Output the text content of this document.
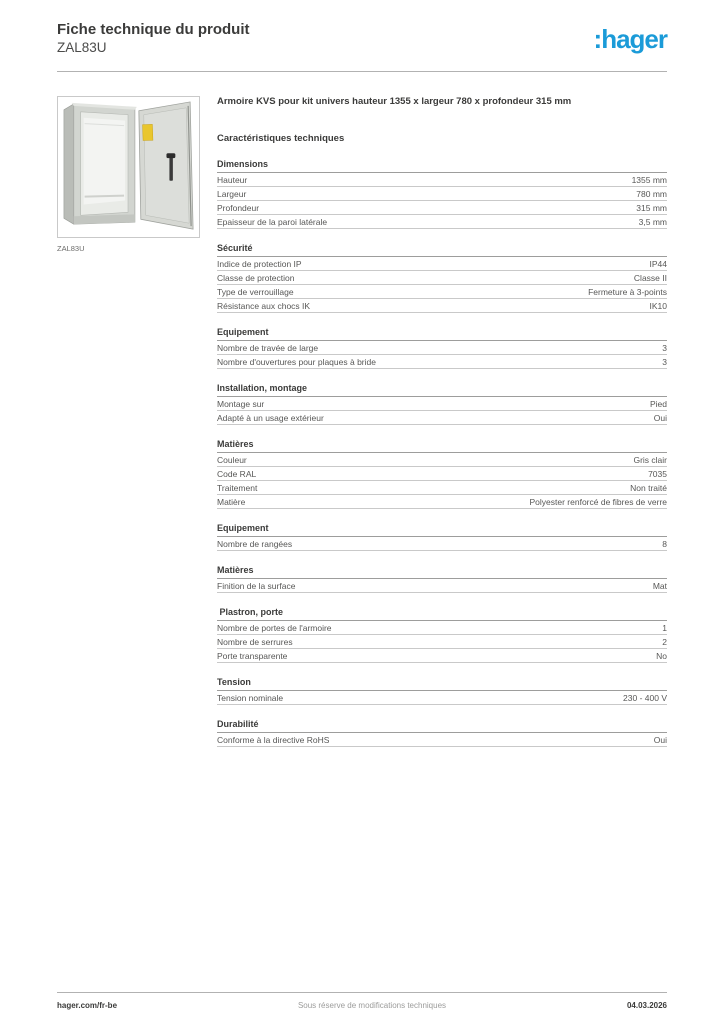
Fiche technique du produit
ZAL83U	:hager
ZAL83U
Armoire KVS pour kit univers hauteur 1355 x largeur 780 x profondeur 315 mm
Caractéristiques techniques
Dimensions
Hauteur	1355 mm
Largeur	780 mm
Profondeur	315 mm
Epaisseur de la paroi latérale	3,5 mm
Sécurité
Indice de protection IP	IP44
Classe de protection	Classe II
Type de verrouillage	Fermeture à 3-points
Résistance aux chocs IK	IK10
Equipement
Nombre de travée de large	3
Nombre d'ouvertures pour plaques à bride	3
Installation, montage
Montage sur	Pied
Adapté à un usage extérieur	Oui
Matières
Couleur	Gris clair
Code RAL	7035
Traitement	Non traité
Matière	Polyester renforcé de fibres de verre
Equipement
Nombre de rangées	8
Matières
Finition de la surface	Mat
Plastron, porte
Nombre de portes de l'armoire	1
Nombre de serrures	2
Porte transparente	No
Tension
Tension nominale	230 - 400 V
Durabilité
Conforme à la directive RoHS	Oui
hager.com/fr-be	Sous réserve de modifications techniques	04.03.2026
